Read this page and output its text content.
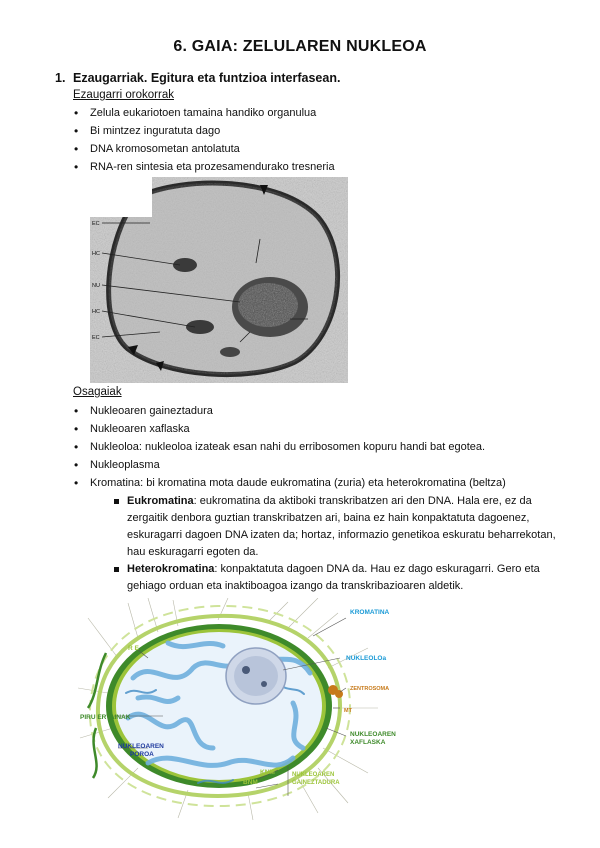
6. GAIA: ZELULAREN NUKLEOA
1. Ezaugarriak. Egitura eta funtzioa interfasean.
Ezaugarri orokorrak
• Zelula eukariotoen tamaina handiko organulua
• Bi mintzez inguratuta dago
• DNA kromosometan antolatuta
• RNA-ren sintesia eta prozesamendurako tresneria
EC
HC
NU
HC
EC
Osagaiak
• Nukleoaren gaineztadura
• Nukleoaren xaflaska
• Nukleoloa: nukleoloa izateak esan nahi du erribosomen kopuru handi bat egotea.
• Nukleoplasma
• Kromatina: bi kromatina mota daude eukromatina (zuria) eta heterokromatina (beltza)
Eukromatina: eukromatina da aktiboki transkribatzen ari den DNA. Hala ere, ez da zergaitik denbora guztian transkribatzen ari, baina ez hain konpaktatuta dagoenez, eskuragarri dagoen DNA izaten da; hortaz, informazio genetikoa eskuratu beharrekotan, hau eskuragarri egoten da.
Heterokromatina: konpaktatuta dagoen DNA da. Hau ez dago eskuragarri. Gero eta gehiago orduan eta inaktiboagoa izango da transkribazioaren aldetik.
KROMATINA
R E
NUKLEOLOa
ZENTROSOMA
MT
PIRU ERTAINAK
NUKLEOAREN
XAFLASKA
NUKLEOAREN
POROA
KNM
BNM
NUKLEOAREN
GAINEZTADURA
